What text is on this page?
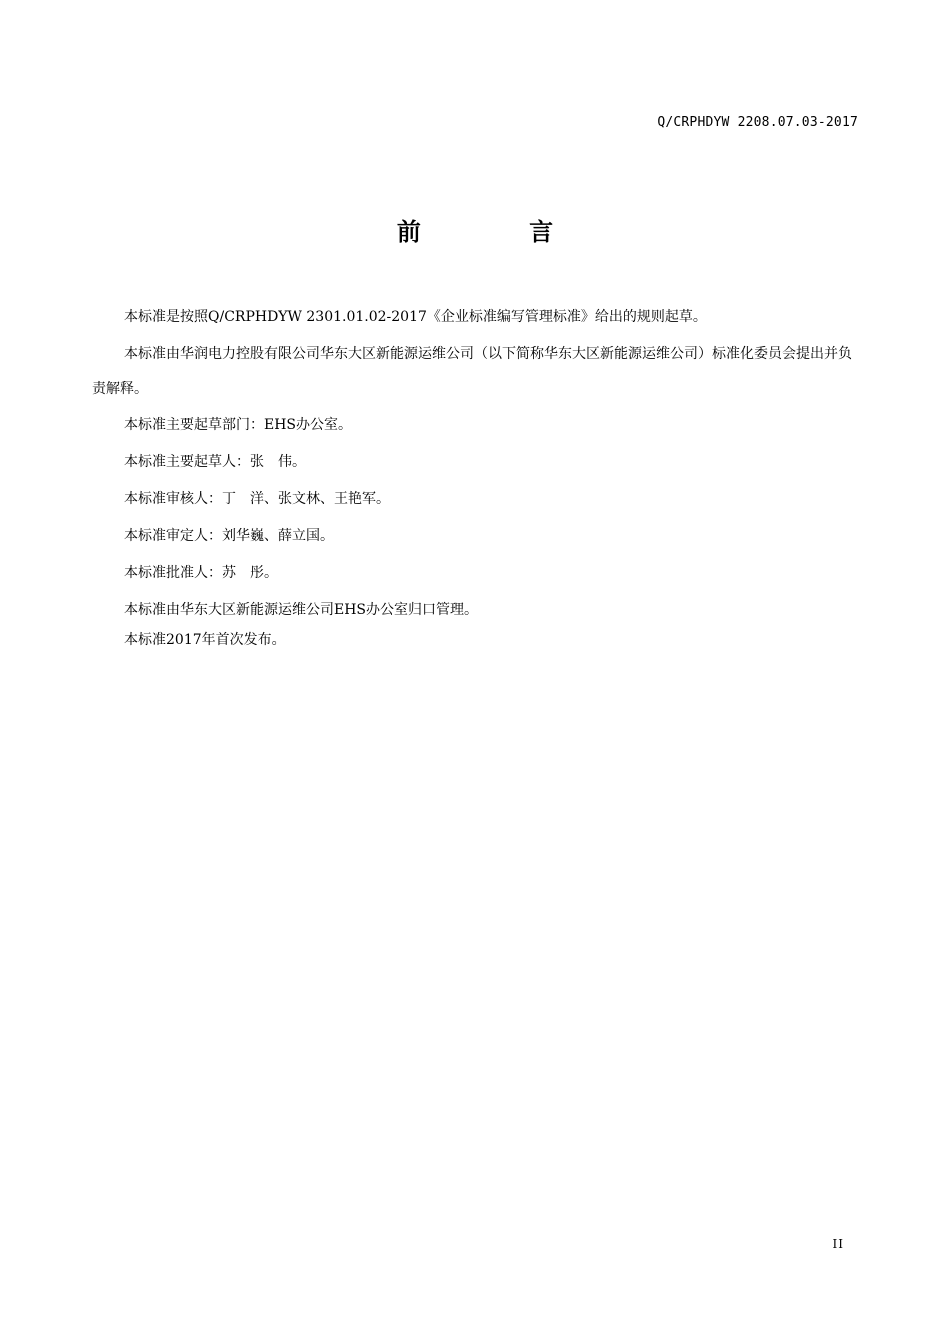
Q/CRPHDYW 2208.07.03-2017
前 言

本标准是按照Q/CRPHDYW 2301.01.02-2017《企业标准编写管理标准》给出的规则起草。

本标准由华润电力控股有限公司华东大区新能源运维公司（以下简称华东大区新能源运维公司）标准化委员会提出并负责解释。

本标准主要起草部门：EHS办公室。

本标准主要起草人：张　伟。

本标准审核人：丁　洋、张文林、王艳军。

本标准审定人：刘华巍、薛立国。

本标准批准人：苏　彤。

本标准由华东大区新能源运维公司EHS办公室归口管理。

本标准2017年首次发布。

II
